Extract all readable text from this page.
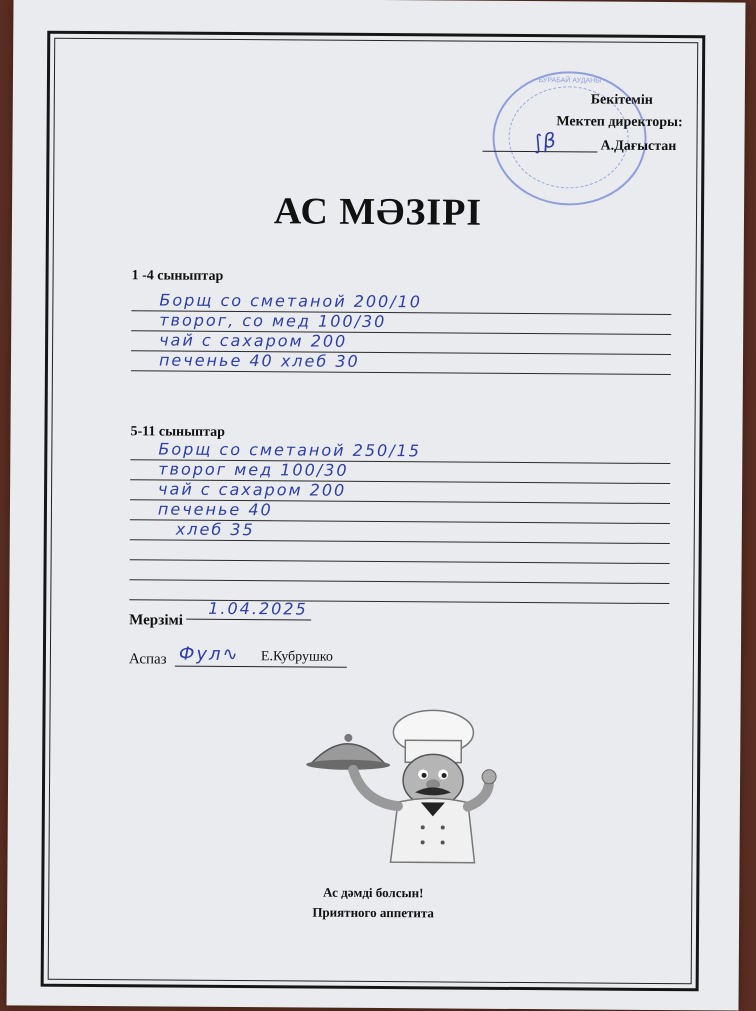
БУРАБАЙ АУДАНЫ
Бекітемін
Мектеп директоры:
∫β	А.Дағыстан
АС МӘЗІРІ
1 -4 сыныптар
Борщ со сметаной 200/10
творог, со мед 100/30
чай с сахаром 200
печенье 40 хлеб 30
5-11 сыныптар
Борщ со сметаной 250/15
творог мед 100/30
чай с сахаром 200
печенье 40
хлеб 35
Мерзімі
1.04.2025
Аспаз Фул∿ Е.Кубрушко
Ас дәмді болсын!
Приятного аппетита
